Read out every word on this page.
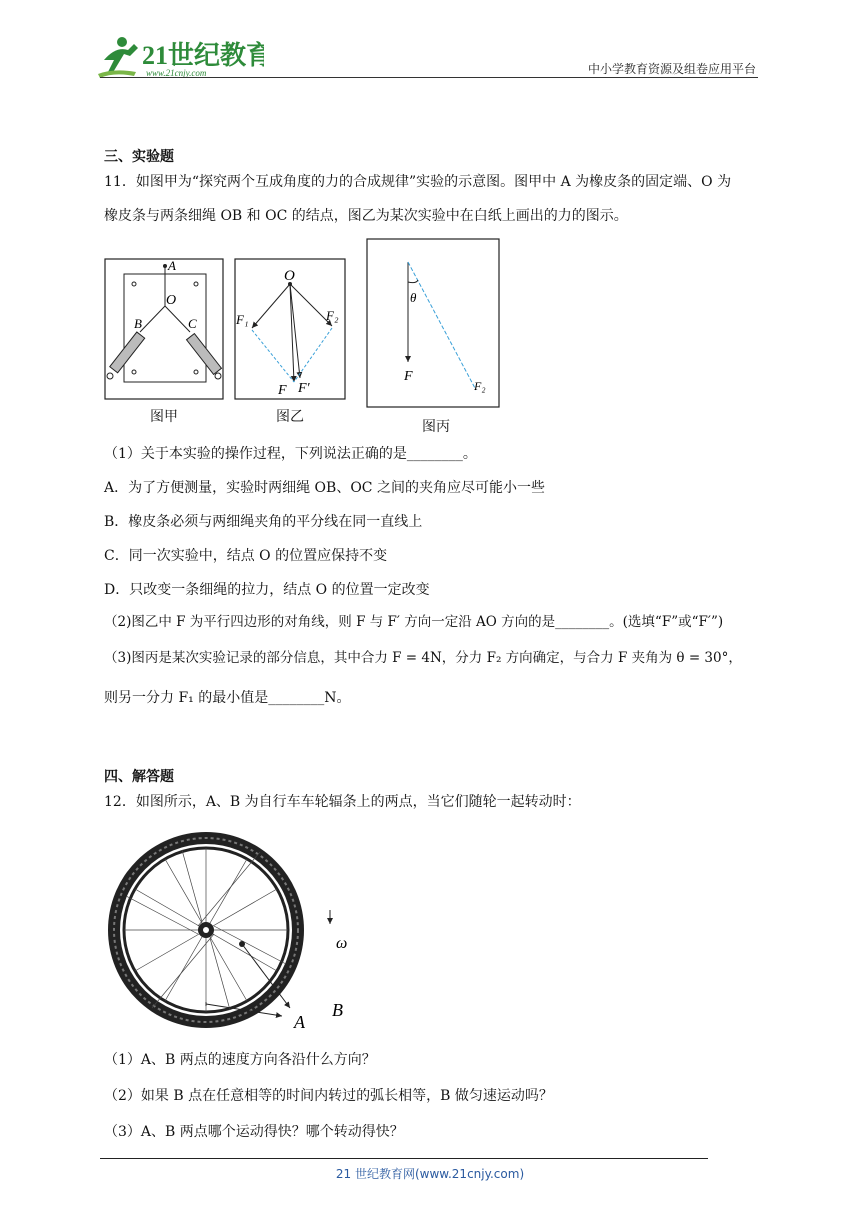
21世纪教育
www.21cnjy.com	中小学教育资源及组卷应用平台
三、实验题
11．如图甲为“探究两个互成角度的力的合成规律”实验的示意图。图甲中 A 为橡皮条的固定端、O 为
橡皮条与两条细绳 OB 和 OC 的结点，图乙为某次实验中在白纸上画出的力的图示。
A
O
B	C
图甲
O
F₁	F₂
F F′
图乙
θ
F
F₂
图丙
（1）关于本实验的操作过程，下列说法正确的是________。
A．为了方便测量，实验时两细绳 OB、OC 之间的夹角应尽可能小一些
B．橡皮条必须与两细绳夹角的平分线在同一直线上
C．同一次实验中，结点 O 的位置应保持不变
D．只改变一条细绳的拉力，结点 O 的位置一定改变
（2)图乙中 F 为平行四边形的对角线，则 F 与 F′ 方向一定沿 AO 方向的是________。(选填“F”或“F′”)
（3)图丙是某次实验记录的部分信息，其中合力 F = 4N，分力 F₂ 方向确定，与合力 F 夹角为 θ = 30°，
则另一分力 F₁ 的最小值是________N。
四、解答题
12．如图所示，A、B 为自行车车轮辐条上的两点，当它们随轮一起转动时：
ω
B
A
（1）A、B 两点的速度方向各沿什么方向？
（2）如果 B 点在任意相等的时间内转过的弧长相等，B 做匀速运动吗？
（3）A、B 两点哪个运动得快？哪个转动得快？
21 世纪教育网(www.21cnjy.com)
